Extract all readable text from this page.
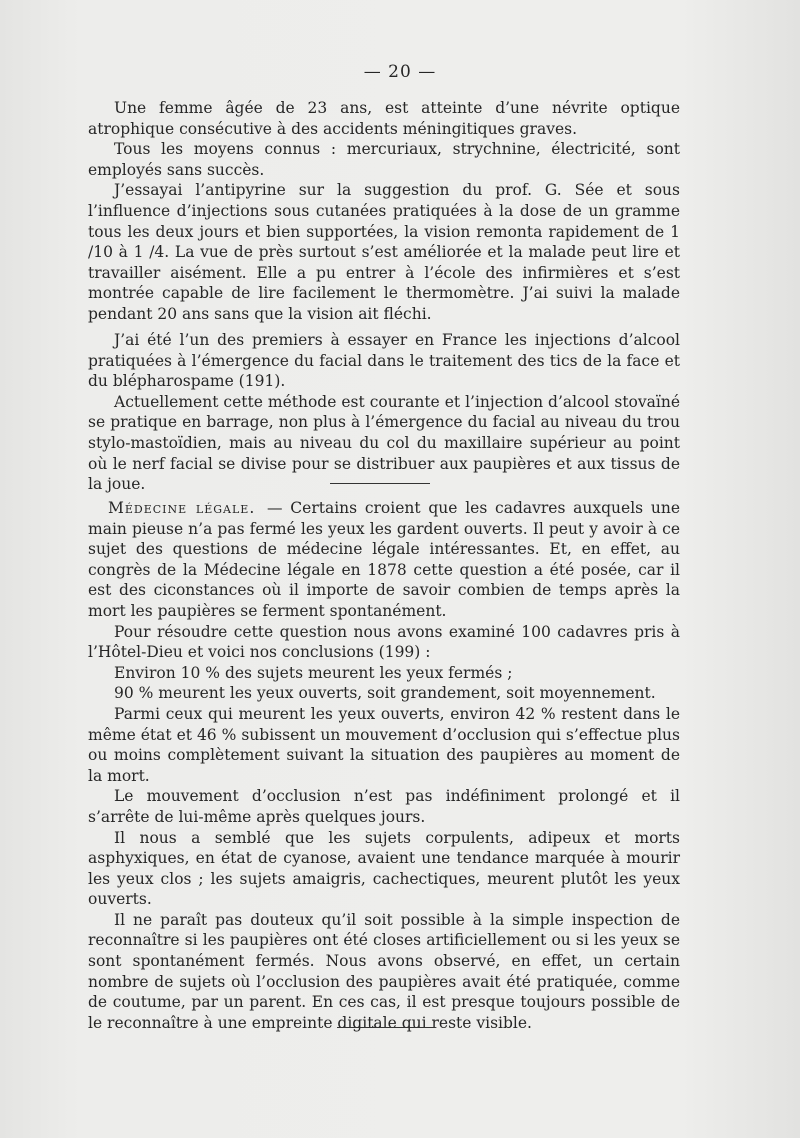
— 20 —

Une femme âgée de 23 ans, est atteinte d’une névrite optique atrophique consécutive à des accidents méningitiques graves.

Tous les moyens connus : mercuriaux, strychnine, électricité, sont employés sans succès.

J’essayai l’antipyrine sur la suggestion du prof. G. Sée et sous l’influence d’injections sous cutanées pratiquées à la dose de un gramme tous les deux jours et bien supportées, la vision remonta rapidement de 1 /10 à 1 /4. La vue de près surtout s’est améliorée et la malade peut lire et travailler aisément. Elle a pu entrer à l’école des infirmières et s’est montrée capable de lire facilement le thermomètre. J’ai suivi la malade pendant 20 ans sans que la vision ait fléchi.

J’ai été l’un des premiers à essayer en France les injections d’alcool pratiquées à l’émergence du facial dans le traitement des tics de la face et du blépharospame (191).

Actuellement cette méthode est courante et l’injection d’alcool stovaïné se pratique en barrage, non plus à l’émergence du facial au niveau du trou stylo-mastoïdien, mais au niveau du col du maxillaire supérieur au point où le nerf facial se divise pour se distribuer aux paupières et aux tissus de la joue.

Médecine légale. — Certains croient que les cadavres auxquels une main pieuse n’a pas fermé les yeux les gardent ouverts. Il peut y avoir à ce sujet des questions de médecine légale intéressantes. Et, en effet, au congrès de la Médecine légale en 1878 cette question a été posée, car il est des ciconstances où il importe de savoir combien de temps après la mort les paupières se ferment spontanément.

Pour résoudre cette question nous avons examiné 100 cadavres pris à l’Hôtel-Dieu et voici nos conclusions (199) :

Environ 10 % des sujets meurent les yeux fermés ;

90 % meurent les yeux ouverts, soit grandement, soit moyennement.

Parmi ceux qui meurent les yeux ouverts, environ 42 % restent dans le même état et 46 % subissent un mouvement d’occlusion qui s’effectue plus ou moins complètement suivant la situation des paupières au moment de la mort.

Le mouvement d’occlusion n’est pas indéfiniment prolongé et il s’arrête de lui-même après quelques jours.

Il nous a semblé que les sujets corpulents, adipeux et morts asphyxiques, en état de cyanose, avaient une tendance marquée à mourir les yeux clos ; les sujets amaigris, cachectiques, meurent plutôt les yeux ouverts.

Il ne paraît pas douteux qu’il soit possible à la simple inspection de reconnaître si les paupières ont été closes artificiellement ou si les yeux se sont spontanément fermés. Nous avons observé, en effet, un certain nombre de sujets où l’occlusion des paupières avait été pratiquée, comme de coutume, par un parent. En ces cas, il est presque toujours possible de le reconnaître à une empreinte digitale qui reste visible.
